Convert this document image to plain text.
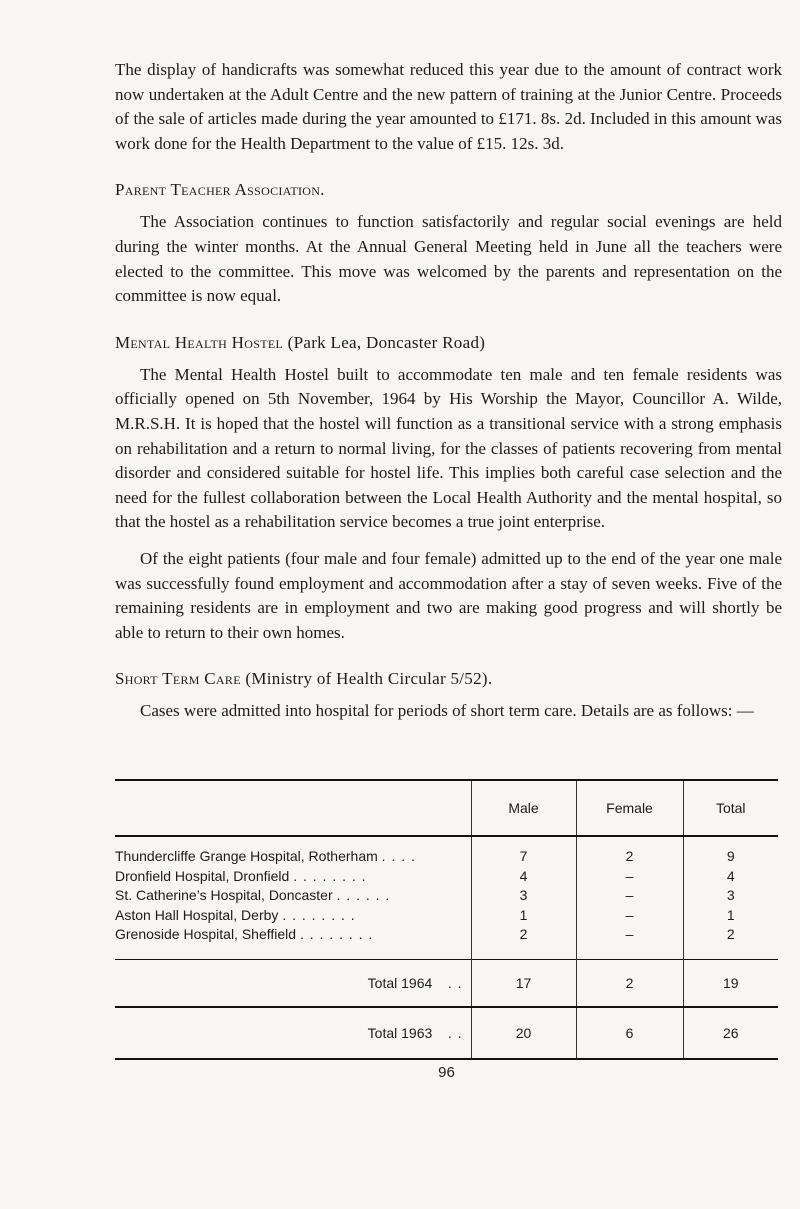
The display of handicrafts was somewhat reduced this year due to the amount of contract work now undertaken at the Adult Centre and the new pattern of training at the Junior Centre. Proceeds of the sale of articles made during the year amounted to £171. 8s. 2d. Included in this amount was work done for the Health Department to the value of £15. 12s. 3d.

Parent Teacher Association.

The Association continues to function satisfactorily and regular social evenings are held during the winter months. At the Annual General Meeting held in June all the teachers were elected to the committee. This move was welcomed by the parents and representation on the committee is now equal.

Mental Health Hostel (Park Lea, Doncaster Road)

The Mental Health Hostel built to accommodate ten male and ten female residents was officially opened on 5th November, 1964 by His Worship the Mayor, Councillor A. Wilde, M.R.S.H. It is hoped that the hostel will function as a transitional service with a strong emphasis on rehabilitation and a return to normal living, for the classes of patients recovering from mental disorder and considered suitable for hostel life. This implies both careful case selection and the need for the fullest collaboration between the Local Health Authority and the mental hospital, so that the hostel as a rehabilitation service becomes a true joint enterprise.

Of the eight patients (four male and four female) admitted up to the end of the year one male was successfully found employment and accommodation after a stay of seven weeks. Five of the remaining residents are in employment and two are making good progress and will shortly be able to return to their own homes.

Short Term Care (Ministry of Health Circular 5/52).

Cases were admitted into hospital for periods of short term care. Details are as follows: —

	Male	Female	Total
Thundercliffe Grange Hospital, Rotherham . . . .	7	2	9
Dronfield Hospital, Dronfield . . . . . . . .	4	–	4
St. Catherine’s Hospital, Doncaster . . . . . .	3	–	3
Aston Hall Hospital, Derby . . . . . . . .	1	–	1
Grenoside Hospital, Sheffield . . . . . . . .	2	–	2
Total 1964 . .	17	2	19
Total 1963 . .	20	6	26
96
